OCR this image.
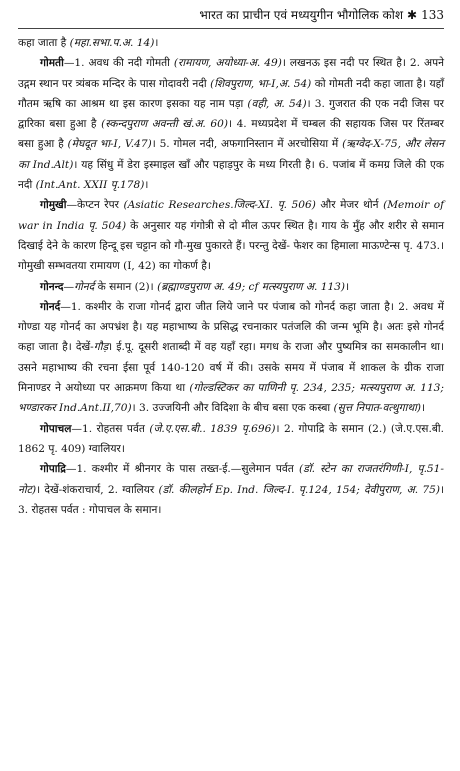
भारत का प्राचीन एवं मध्ययुगीन भौगोलिक कोश ✱ 133

कहा जाता है (महा.सभा.प.अ. 14)।

गोमती—1. अवध की नदी गोमती (रामायण, अयोध्या-अ. 49)। लखनऊ इस नदी पर स्थित है। 2. अपने उद्गम स्थान पर त्र्यंबक मन्दिर के पास गोदावरी नदी (शिवपुराण, भा-I,अ. 54) को गोमती नदी कहा जाता है। यहाँ गौतम ऋषि का आश्रम था इस कारण इसका यह नाम पड़ा (वही, अ. 54)। 3. गुजरात की एक नदी जिस पर द्वारिका बसा हुआ है (स्कन्दपुराण अवन्ती खं.अ. 60)। 4. मध्यप्रदेश में चम्बल की सहायक जिस पर रिंतम्बर बसा हुआ है (मेघदूत भा-I, V.47)। 5. गोमल नदी, अफगानिस्तान में अरचोसिया में (ऋग्वेद-X-75, और लेसन का Ind.Alt)। यह सिंधु में डेरा इस्माइल खाँ और पहाड़पुर के मध्य गिरती है। 6. पजांब में कमग्र जिले की एक नदी (Int.Ant. XXII पृ.178)।

गोमुखी—केप्टन रेपर (Asiatic Researches.जिल्द-XI. पृ. 506) और मेजर थोर्न (Memoir of war in India पृ. 504) के अनुसार यह गंगोत्री से दो मील ऊपर स्थित है। गाय के मुँह और शरीर से समान दिखाई देने के कारण हिन्दू इस चट्टान को गौ-मुख पुकारते हैं। परन्तु देखें- फेशर का हिमाला माऊण्टेन्स पृ. 473.। गोमुखी सम्भवतया रामायण (I, 42) का गोकर्ण है।

गोनन्द—गोनर्द के समान (2)। (ब्रह्माण्डपुराण अ. 49; cf मत्स्यपुराण अ. 113)।

गोनर्द—1. कश्मीर के राजा गोनर्द द्वारा जीत लिये जाने पर पंजाब को गोनर्द कहा जाता है। 2. अवध में गोण्डा यह गोनर्द का अपभ्रंश है। यह महाभाष्य के प्रसिद्ध रचनाकार पतंजलि की जन्म भूमि है। अतः इसे गोनर्द कहा जाता है। देखें-गौड़। ई.पू. दूसरी शताब्दी में वह यहाँ रहा। मगध के राजा और पुष्यमित्र का समकालीन था। उसने महाभाष्य की रचना ईसा पूर्व 140-120 वर्ष में की। उसके समय में पंजाब में शाकल के ग्रीक राजा मिनाण्डर ने अयोध्या पर आक्रमण किया था (गोल्डस्टिकर का पाणिनी पृ. 234, 235; मत्स्यपुराण अ. 113; भण्डारकर Ind.Ant.II,70)। 3. उज्जयिनी और विदिशा के बीच बसा एक कस्बा (सुत्त निपात-वत्थुगाथा)।

गोपाचल—1. रोहतस पर्वत (जे.ए.एस.बी.. 1839 पृ.696)। 2. गोपाद्रि के समान (2.) (जे.ए.एस.बी. 1862 पृ. 409) ग्वालियर।

गोपाद्रि—1. कश्मीर में श्रीनगर के पास तख्त-ई.—सुलेमान पर्वत (डॉ. स्टेन का राजतरंगिणी-I, पृ.51-नोट)। देखें-शंकराचार्य, 2. ग्वालियर (डॉ. कीलहोर्न Ep. Ind. जिल्द-I. पृ.124, 154; देवीपुराण, अ. 75)। 3. रोहतस पर्वत : गोपाचल के समान।
